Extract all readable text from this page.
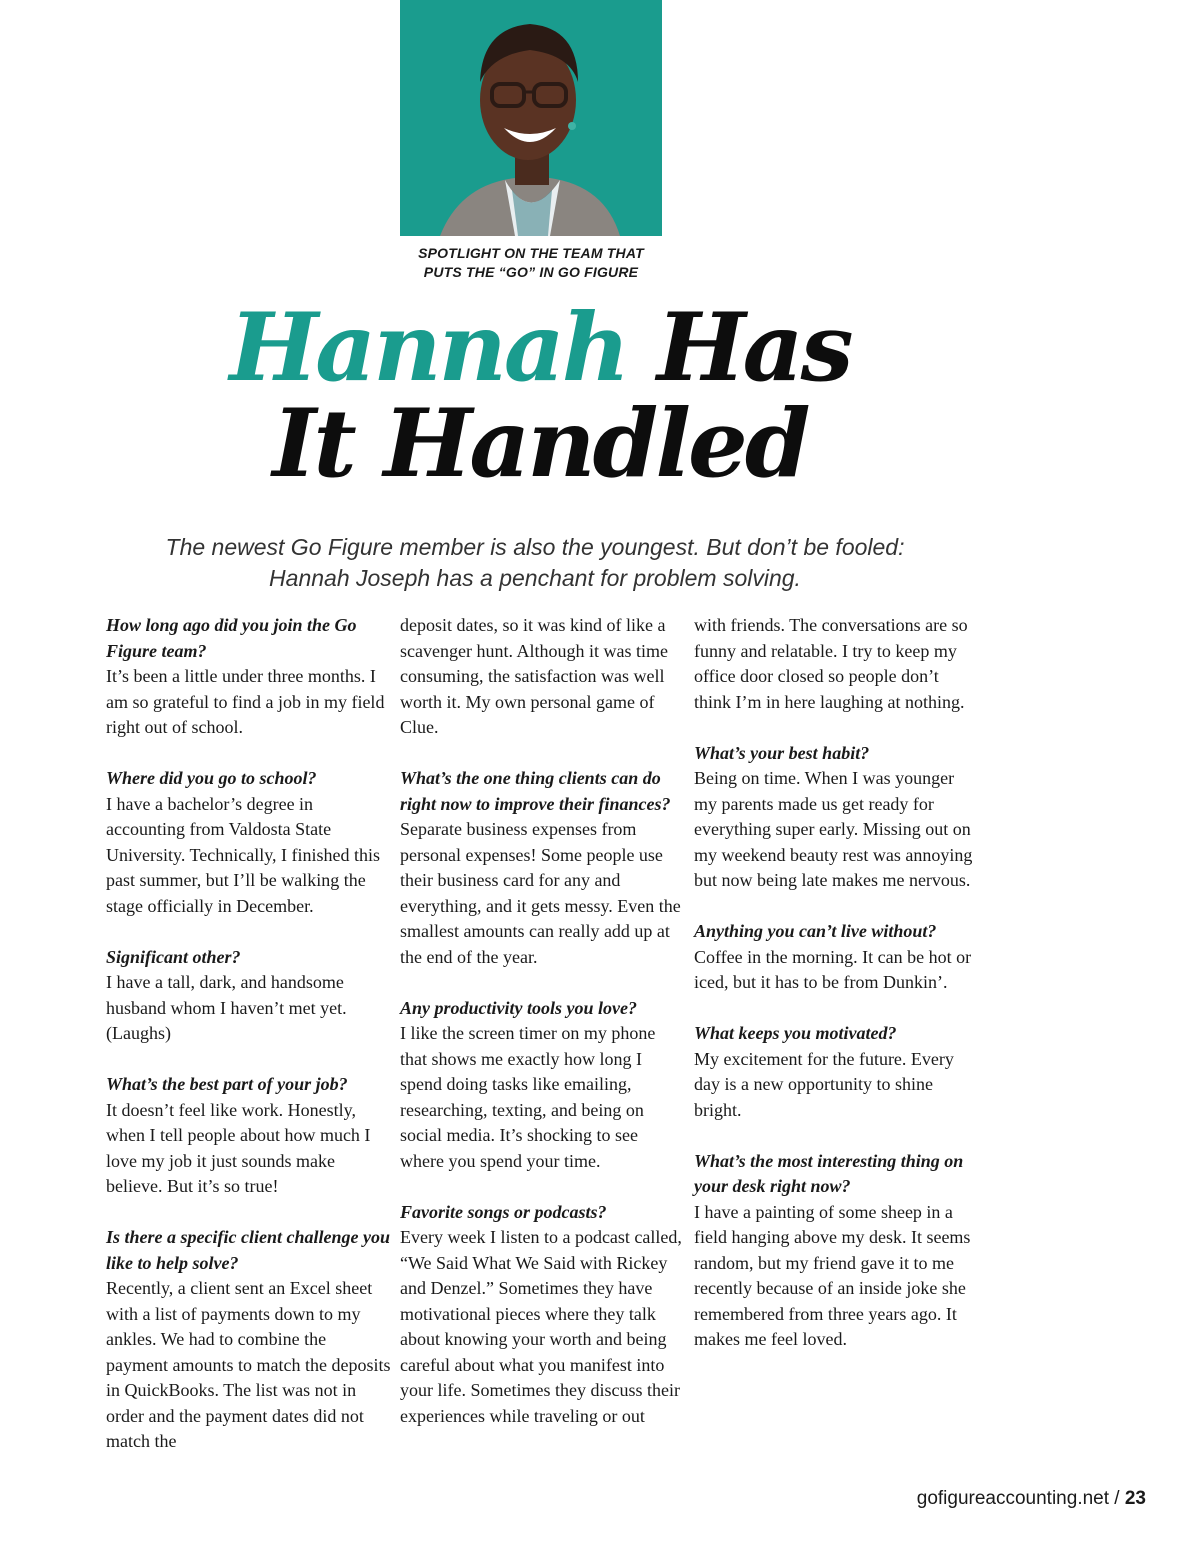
SPOTLIGHT ON THE TEAM THAT
PUTS THE “GO” IN GO FIGURE
Hannah Has
It Handled
The newest Go Figure member is also the youngest. But don’t be fooled:
Hannah Joseph has a penchant for problem solving.
How long ago did you join the Go Figure team?
It’s been a little under three months. I am so grateful to find a job in my field right out of school.
Where did you go to school?
I have a bachelor’s degree in accounting from Valdosta State University. Technically, I finished this past summer, but I’ll be walking the stage officially in December.
Significant other?
I have a tall, dark, and handsome husband whom I haven’t met yet. (Laughs)
What’s the best part of your job?
It doesn’t feel like work. Honestly, when I tell people about how much I love my job it just sounds make believe. But it’s so true!
Is there a specific client challenge you like to help solve?
Recently, a client sent an Excel sheet with a list of payments down to my ankles. We had to combine the payment amounts to match the deposits in QuickBooks. The list was not in order and the payment dates did not match the
deposit dates, so it was kind of like a scavenger hunt. Although it was time consuming, the satisfaction was well worth it. My own personal game of Clue.
What’s the one thing clients can do right now to improve their finances?
Separate business expenses from personal expenses! Some people use their business card for any and everything, and it gets messy. Even the smallest amounts can really add up at the end of the year.
Any productivity tools you love?
I like the screen timer on my phone that shows me exactly how long I spend doing tasks like emailing, researching, texting, and being on social media. It’s shocking to see where you spend your time.
Favorite songs or podcasts?
Every week I listen to a podcast called, “We Said What We Said with Rickey and Denzel.” Sometimes they have motivational pieces where they talk about knowing your worth and being careful about what you manifest into your life. Sometimes they discuss their experiences while traveling or out
with friends. The conversations are so funny and relatable. I try to keep my office door closed so people don’t think I’m in here laughing at nothing.
What’s your best habit?
Being on time. When I was younger my parents made us get ready for everything super early. Missing out on my weekend beauty rest was annoying but now being late makes me nervous.
Anything you can’t live without?
Coffee in the morning. It can be hot or iced, but it has to be from Dunkin’.
What keeps you motivated?
My excitement for the future. Every day is a new opportunity to shine bright.
What’s the most interesting thing on your desk right now?
I have a painting of some sheep in a field hanging above my desk. It seems random, but my friend gave it to me recently because of an inside joke she remembered from three years ago. It makes me feel loved.
gofigureaccounting.net / 23
